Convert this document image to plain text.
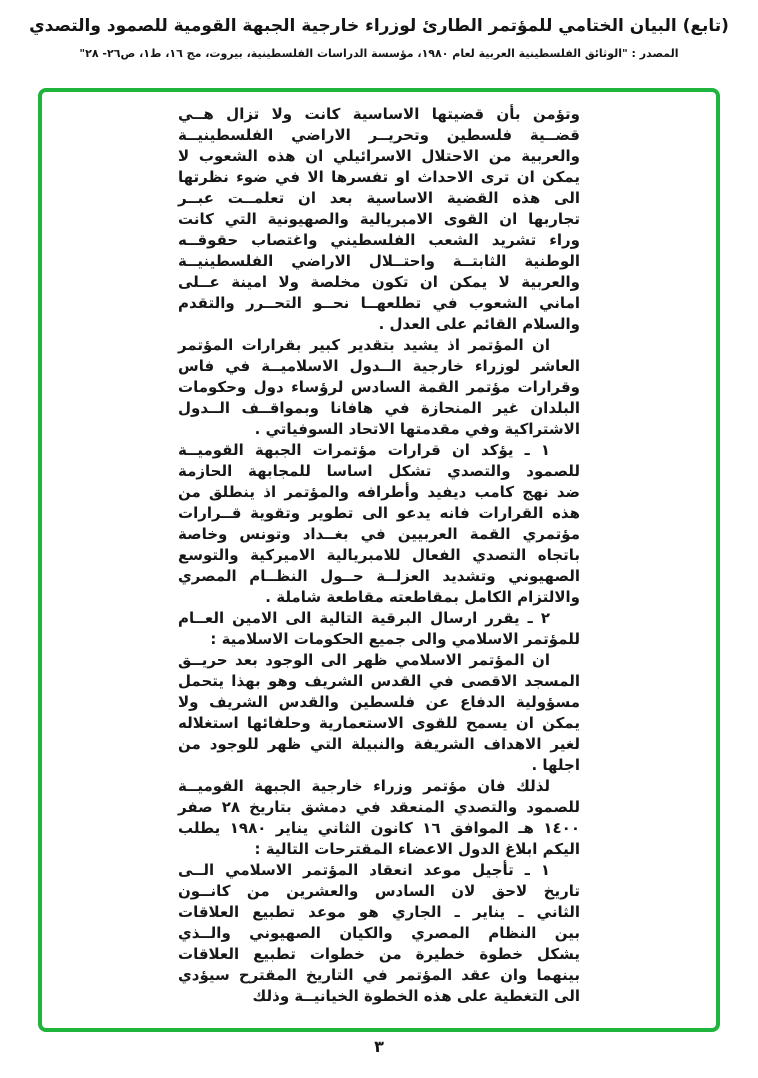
(تابع) البيان الختامي للمؤتمر الطارئ لوزراء خارجية الجبهة القومية للصمود والتصدي
المصدر : "الوثائق الفلسطينية العربية لعام ١٩٨٠، مؤسسة الدراسات الفلسطينية، بيروت، مج ١٦، ط١، ص٢٦- ٢٨"
وتؤمن بأن قضيتها الاساسية كانت ولا تزال هــي
قضــية فلسطين وتحريــر الاراضي الفلسطينيــة
والعربية من الاحتلال الاسرائيلي ان هذه الشعوب لا
يمكن ان ترى الاحداث او تفسرها الا في ضوء نظرتها
الى هذه القضية الاساسية بعد ان تعلمــت عبــر
تجاربها ان القوى الامبريالية والصهيونية التي كانت
وراء تشريد الشعب الفلسطيني واغتصاب حقوقــه
الوطنية الثابتــة واحتــلال الاراضي الفلسطينيــة
والعربية لا يمكن ان تكون مخلصة ولا امينة عــلى
اماني الشعوب في تطلعهــا نحــو التحــرر والتقدم
والسلام القائم على العدل .
ان المؤتمر اذ يشيد بتقدير كبير بقرارات المؤتمر
العاشر لوزراء خارجية الــدول الاسلاميــة في فاس
وقرارات مؤتمر القمة السادس لرؤساء دول وحكومات
البلدان غير المنحازة في هافانا وبمواقــف الــدول
الاشتراكية وفي مقدمتها الاتحاد السوفياتي .
١ ـ يؤكد ان قرارات مؤتمرات الجبهة القوميــة
للصمود والتصدي تشكل اساسا للمجابهة الحازمة
ضد نهج كامب ديفيد وأطرافه والمؤتمر اذ ينطلق من
هذه القرارات فانه يدعو الى تطوير وتقوية قــرارات
مؤتمري القمة العربيين في بغــداد وتونس وخاصة
باتجاه التصدي الفعال للامبريالية الاميركية والتوسع
الصهيوني وتشديد العزلــة حــول النظــام المصري
والالتزام الكامل بمقاطعته مقاطعة شاملة .
٢ ـ يقرر ارسال البرقية التالية الى الامين العــام
للمؤتمر الاسلامي والى جميع الحكومات الاسلامية :
ان المؤتمر الاسلامي ظهر الى الوجود بعد حريــق
المسجد الاقصى في القدس الشريف وهو بهذا يتحمل
مسؤولية الدفاع عن فلسطين والقدس الشريف ولا
يمكن ان يسمح للقوى الاستعمارية وحلفائها استغلاله
لغير الاهداف الشريفة والنبيلة التي ظهر للوجود من
اجلها .
لذلك فان مؤتمر وزراء خارجية الجبهة القوميــة
للصمود والتصدي المنعقد في دمشق بتاريخ ٢٨ صفر
١٤٠٠ هـ الموافق ١٦ كانون الثاني يناير ١٩٨٠ يطلب
اليكم ابلاغ الدول الاعضاء المقترحات التالية :
١ ـ تأجيل موعد انعقاد المؤتمر الاسلامي الــى
تاريخ لاحق لان السادس والعشرين من كانــون
الثاني ـ يناير ـ الجاري هو موعد تطبيع العلاقات
بين النظام المصري والكيان الصهيوني والــذي
يشكل خطوة خطيرة من خطوات تطبيع العلاقات
بينهما وان عقد المؤتمر في التاريخ المقترح سيؤدي
الى التغطية على هذه الخطوة الخيانيــة وذلك
٣
